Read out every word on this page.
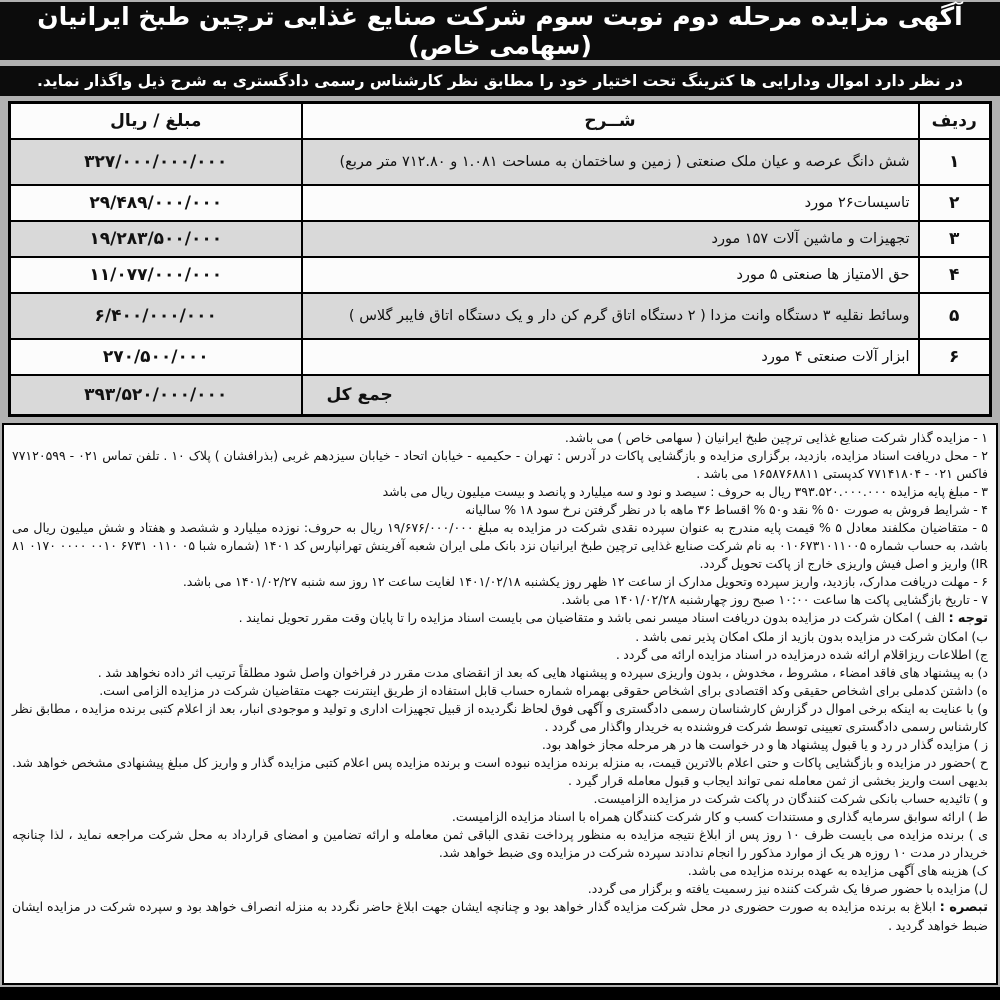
آگهی مزایده مرحله دوم نوبت سوم شرکت صنایع غذایی ترچین طبخ ایرانیان (سهامی خاص)
در نظر دارد اموال ودارایی ها کترینگ تحت اختیار خود را مطابق نظر کارشناس رسمی دادگستری به شرح ذیل واگذار نماید.
ردیف	شــرح	مبلغ / ریال
۱	شش دانگ عرصه و عیان ملک صنعتی ( زمین و ساختمان به مساحت ۱.۰۸۱ و ۷۱۲.۸۰ متر مربع)	۳۲۷/۰۰۰/۰۰۰/۰۰۰
۲	تاسیسات۲۶ مورد	۲۹/۴۸۹/۰۰۰/۰۰۰
۳	تجهیزات و ماشین آلات ۱۵۷ مورد	۱۹/۲۸۳/۵۰۰/۰۰۰
۴	حق الامتیاز ها صنعتی ۵ مورد	۱۱/۰۷۷/۰۰۰/۰۰۰
۵	وسائط نقلیه ۳ دستگاه وانت مزدا ( ۲ دستگاه اتاق گرم کن دار و یک دستگاه اتاق فایبر گلاس )	۶/۴۰۰/۰۰۰/۰۰۰
۶	ابزار آلات صنعتی ۴ مورد	۲۷۰/۵۰۰/۰۰۰
جمع کل		۳۹۳/۵۲۰/۰۰۰/۰۰۰

۱ - مزایده گذار شرکت صنایع غذایی ترچین طبخ ایرانیان ( سهامی خاص ) می باشد.

۲ - محل دریافت اسناد مزایده، بازدید، برگزاری مزایده و بازگشایی پاکات در آدرس : تهران - حکیمیه - خیابان اتحاد - خیابان سیزدهم غربی (بذرافشان ) پلاک ۱۰ . تلفن تماس ۰۲۱ - ۷۷۱۲۰۵۹۹ فاکس ۰۲۱ - ۷۷۱۴۱۸۰۴ کدپستی ۱۶۵۸۷۶۸۸۱۱ می باشد .

۳ - مبلغ پایه مزایده ۳۹۳.۵۲۰.۰۰۰.۰۰۰ ریال به حروف : سیصد و نود و سه میلیارد و پانصد و بیست میلیون ریال می باشد

۴ - شرایط فروش به صورت ۵۰ % نقد و۵۰ % اقساط ۳۶ ماهه با در نظر گرفتن نرخ سود ۱۸ % سالیانه

۵ - متقاضیان مکلفند معادل ۵ % قیمت پایه مندرج به عنوان سپرده نقدی شرکت در مزایده به مبلغ ۱۹/۶۷۶/۰۰۰/۰۰۰ ریال به حروف: نوزده میلیارد و ششصد و هفتاد و شش میلیون ریال می باشد، به حساب شماره ۰۱۰۶۷۳۱۰۱۱۰۰۵ به نام شرکت صنایع غذایی ترچین طبخ ایرانیان نزد بانک ملی ایران شعبه آفرینش تهرانپارس کد ۱۴۰۱ (شماره شبا ۰۵ ۰۱۱۰ ۶۷۳۱ ۰۰۱۰ ۰۰۰۰ ۰۱۷۰ ۸۱ IR) واریز و اصل فیش واریزی خارج از پاکت تحویل گردد.

۶ - مهلت دریافت مدارک، بازدید، واریز سپرده وتحویل مدارک از ساعت ۱۲ ظهر روز یکشنبه ۱۴۰۱/۰۲/۱۸ لغایت ساعت ۱۲ روز سه شنبه ۱۴۰۱/۰۲/۲۷ می باشد.

۷ - تاریخ بازگشایی پاکت ها ساعت ۱۰:۰۰ صبح روز چهارشنبه ۱۴۰۱/۰۲/۲۸ می باشد.

توجه : الف ) امکان شرکت در مزایده بدون دریافت اسناد میسر نمی باشد و متقاضیان می بایست اسناد مزایده را تا پایان وقت مقرر تحویل نمایند .

ب) امکان شرکت در مزایده بدون بازید از ملک امکان پذیر نمی باشد .

ج) اطلاعات ریزاقلام ارائه شده درمزایده در اسناد مزایده ارائه می گردد .

د) به پیشنهاد های فاقد امضاء ، مشروط ، مخدوش ، بدون واریزی سپرده و پیشنهاد هایی که بعد از انقضای مدت مقرر در فراخوان واصل شود مطلقاً ترتیب اثر داده نخواهد شد .

ه) داشتن کدملی برای اشخاص حقیقی وکد اقتصادی برای اشخاص حقوقی بهمراه شماره حساب قابل استفاده از طریق اینترنت جهت متقاضیان شرکت در مزایده الزامی است.

و) با عنایت به اینکه برخی اموال در گزارش کارشناسان رسمی دادگستری و آگهی فوق لحاظ نگردیده از قبیل تجهیزات اداری و تولید و موجودی انبار، بعد از اعلام کتبی برنده مزایده ، مطابق نظر کارشناس رسمی دادگستری تعیینی توسط شرکت فروشنده به خریدار واگذار می گردد .

ز ) مزایده گذار در رد و یا قبول پیشنهاد ها و در خواست ها در هر مرحله مجاز خواهد بود.

ح )حضور در مزایده و بازگشایی پاکات و حتی اعلام بالاترین قیمت، به منزله برنده مزایده نبوده است و برنده مزایده پس اعلام کتبی مزایده گذار و واریز کل مبلغ پیشنهادی مشخص خواهد شد. بدیهی است واریز بخشی از ثمن معامله نمی تواند ایجاب و قبول معامله قرار گیرد .

و ) تائیدیه حساب بانکی شرکت کنندگان در پاکت شرکت در مزایده الزامیست.

ط ) ارائه سوابق سرمایه گذاری و مستندات کسب و کار شرکت کنندگان همراه با اسناد مزایده الزامیست.

ی ) برنده مزایده می بایست ظرف ۱۰ روز پس از ابلاغ نتیجه مزایده به منظور پرداخت نقدی الباقی ثمن معامله و ارائه تضامین و امضای قرارداد به محل شرکت مراجعه نماید ، لذا چنانچه خریدار در مدت ۱۰ روزه هر یک از موارد مذکور را انجام ندادند سپرده شرکت در مزایده وی ضبط خواهد شد.

ک) هزینه های آگهی مزایده به عهده برنده مزایده می باشد.

ل) مزایده با حضور صرفا یک شرکت کننده نیز رسمیت یافته و برگزار می گردد.

تبصره : ابلاغ به برنده مزایده به صورت حضوری در محل شرکت مزایده گذار خواهد بود و چنانچه ایشان جهت ابلاغ حاضر نگردد به منزله انصراف خواهد بود و سپرده شرکت در مزایده ایشان ضبط خواهد گردید .
